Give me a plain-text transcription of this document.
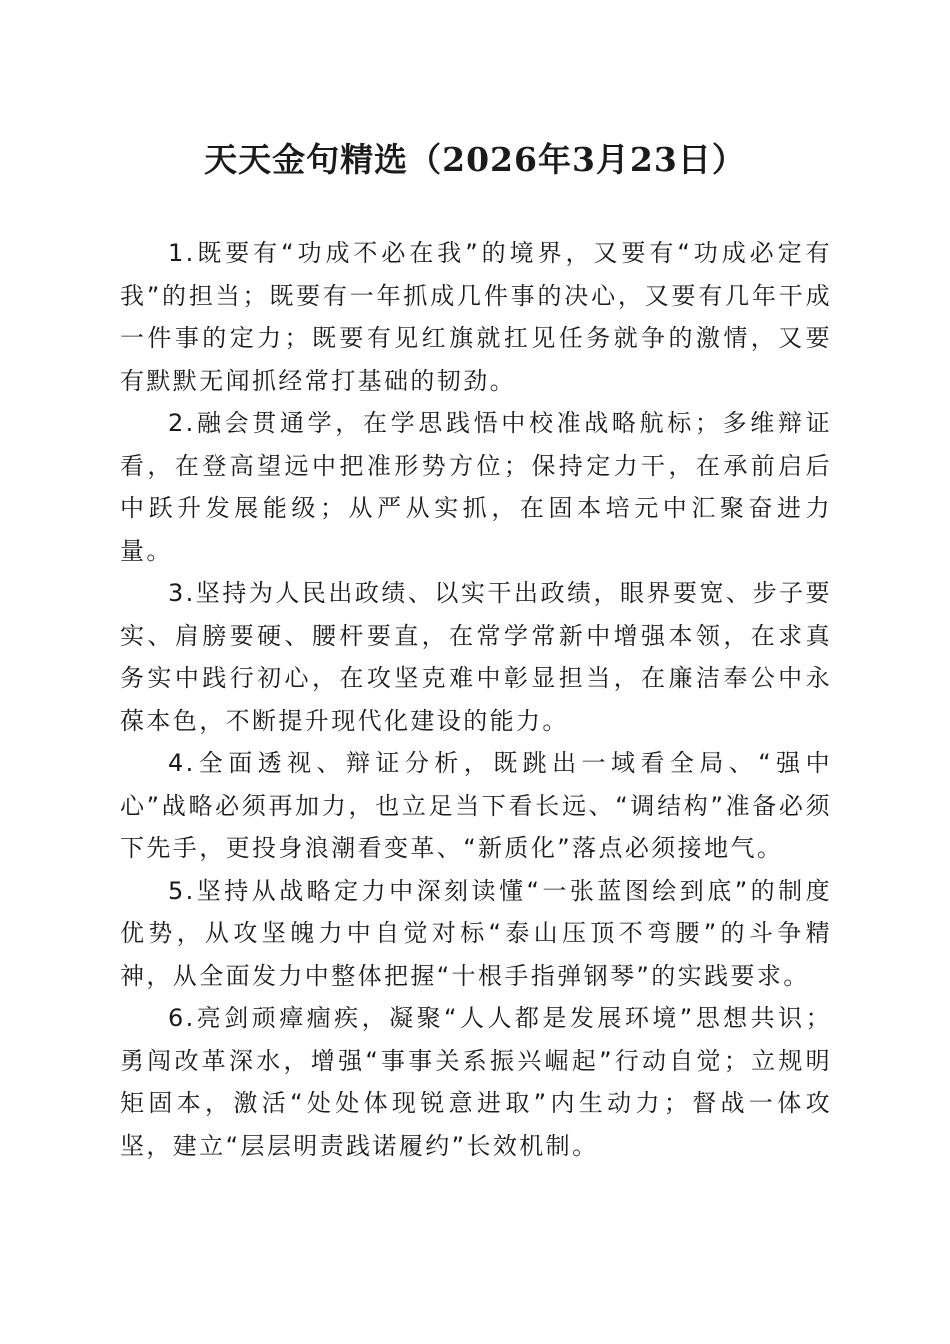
天天金句精选（2026年3月23日）

1.既要有“功成不必在我”的境界，又要有“功成必定有我”的担当；既要有一年抓成几件事的决心，又要有几年干成一件事的定力；既要有见红旗就扛见任务就争的激情，又要有默默无闻抓经常打基础的韧劲。

2.融会贯通学，在学思践悟中校准战略航标；多维辩证看，在登高望远中把准形势方位；保持定力干，在承前启后中跃升发展能级；从严从实抓，在固本培元中汇聚奋进力量。

3.坚持为人民出政绩、以实干出政绩，眼界要宽、步子要实、肩膀要硬、腰杆要直，在常学常新中增强本领，在求真务实中践行初心，在攻坚克难中彰显担当，在廉洁奉公中永葆本色，不断提升现代化建设的能力。

4.全面透视、辩证分析，既跳出一域看全局、“强中心”战略必须再加力，也立足当下看长远、“调结构”准备必须下先手，更投身浪潮看变革、“新质化”落点必须接地气。

5.坚持从战略定力中深刻读懂“一张蓝图绘到底”的制度优势，从攻坚魄力中自觉对标“泰山压顶不弯腰”的斗争精神，从全面发力中整体把握“十根手指弹钢琴”的实践要求。

6.亮剑顽瘴痼疾，凝聚“人人都是发展环境”思想共识；勇闯改革深水，增强“事事关系振兴崛起”行动自觉；立规明矩固本，激活“处处体现锐意进取”内生动力；督战一体攻坚，建立“层层明责践诺履约”长效机制。
